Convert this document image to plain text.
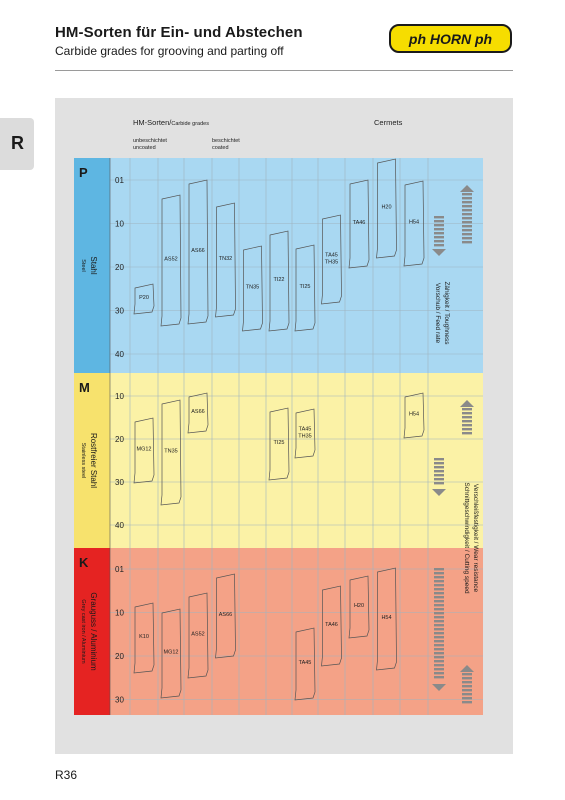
HM-Sorten für Ein- und Abstechen
Carbide grades for grooving and parting off
ph HORN ph
R
HM-Sorten/Carbide grades
unbeschichtet
uncoated
beschichtet
coated
Cermets
01
10
20
30
40
P
Stahl
Steel
P20
AS52
AS66
TN32
TN35
TI22
TI25
TA45
TH35
TA46
H20
H54
10
20
30
40
M
Rostfreier Stahl
Stainless steel	MG12 TN35
AS66
TI25
TA45
TH35
H54
01
10
20
30
K
Grauguss / Aluminium
Grey cast iron / Aluminium	K10
MG12
AS52
AS66
TA45
TA46
H20
H54
Zähigkeit / Toughness
Vorschub / Feed rate
Verschleißfestigkeit / Wear resistance
Schnittgeschwindigkeit / Cutting speed
R36
